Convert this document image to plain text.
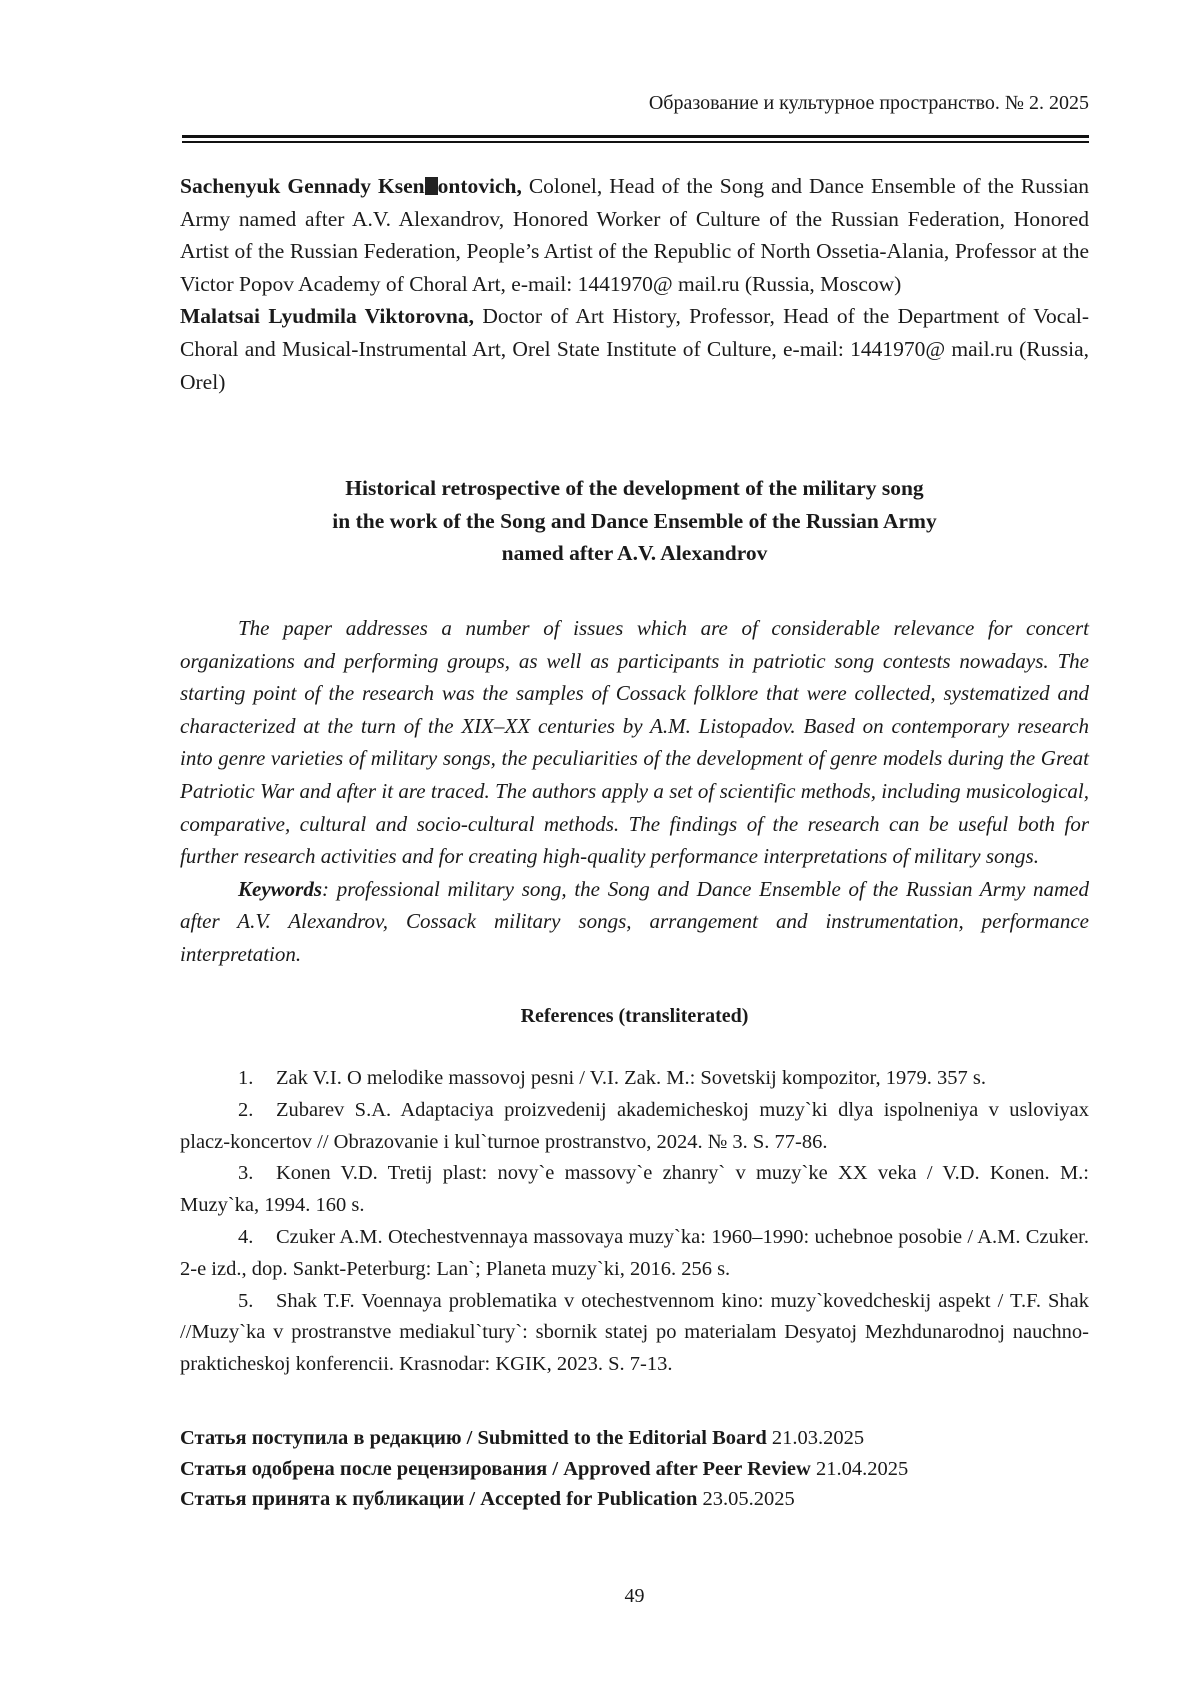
Образование и культурное пространство. № 2. 2025

Sachenyuk Gennady Ksen ontovich, Colonel, Head of the Song and Dance Ensemble of the Russian Army named after A.V. Alexandrov, Honored Worker of Culture of the Russian Federation, Honored Artist of the Russian Federation, People’s Artist of the Republic of North Ossetia-Alania, Professor at the Victor Popov Academy of Choral Art, e-mail: 1441970@ mail.ru (Russia, Moscow)

Malatsai Lyudmila Viktorovna, Doctor of Art History, Professor, Head of the Department of Vocal-Choral and Musical-Instrumental Art, Orel State Institute of Culture, e-mail: 1441970@ mail.ru (Russia, Orel)

Historical retrospective of the development of the military song
in the work of the Song and Dance Ensemble of the Russian Army
named after A.V. Alexandrov

The paper addresses a number of issues which are of considerable relevance for concert organizations and performing groups, as well as participants in patriotic song contests nowadays. The starting point of the research was the samples of Cossack folklore that were collected, systematized and characterized at the turn of the XIX–XX centuries by A.M. Listopadov. Based on contemporary research into genre varieties of military songs, the peculiarities of the development of genre models during the Great Patriotic War and after it are traced. The authors apply a set of scientific methods, including musicological, comparative, cultural and socio-cultural methods. The findings of the research can be useful both for further research activities and for creating high-quality performance interpretations of military songs.

Keywords: professional military song, the Song and Dance Ensemble of the Russian Army named after A.V. Alexandrov, Cossack military songs, arrangement and instrumentation, performance interpretation.

References (transliterated)

1. Zak V.I. O melodike massovoj pesni / V.I. Zak. M.: Sovetskij kompozitor, 1979. 357 s.

2. Zubarev S.A. Adaptaciya proizvedenij akademicheskoj muzy`ki dlya ispolneniya v usloviyax placz-koncertov // Obrazovanie i kul`turnoe prostranstvo, 2024. № 3. S. 77-86.

3. Konen V.D. Tretij plast: novy`e massovy`e zhanry` v muzy`ke XX veka / V.D. Konen. M.: Muzy`ka, 1994. 160 s.

4. Czuker A.M. Otechestvennaya massovaya muzy`ka: 1960–1990: uchebnoe posobie / A.M. Czuker. 2-e izd., dop. Sankt-Peterburg: Lan`; Planeta muzy`ki, 2016. 256 s.

5. Shak T.F. Voennaya problematika v otechestvennom kino: muzy`kovedcheskij aspekt / T.F. Shak //Muzy`ka v prostranstve mediakul`tury`: sbornik statej po materialam Desyatoj Mezhdunarodnoj nauchno-prakticheskoj konferencii. Krasnodar: KGIK, 2023. S. 7-13.

Статья поступила в редакцию / Submitted to the Editorial Board 21.03.2025
Статья одобрена после рецензирования / Approved after Peer Review 21.04.2025
Статья принята к публикации / Accepted for Publication 23.05.2025
49
